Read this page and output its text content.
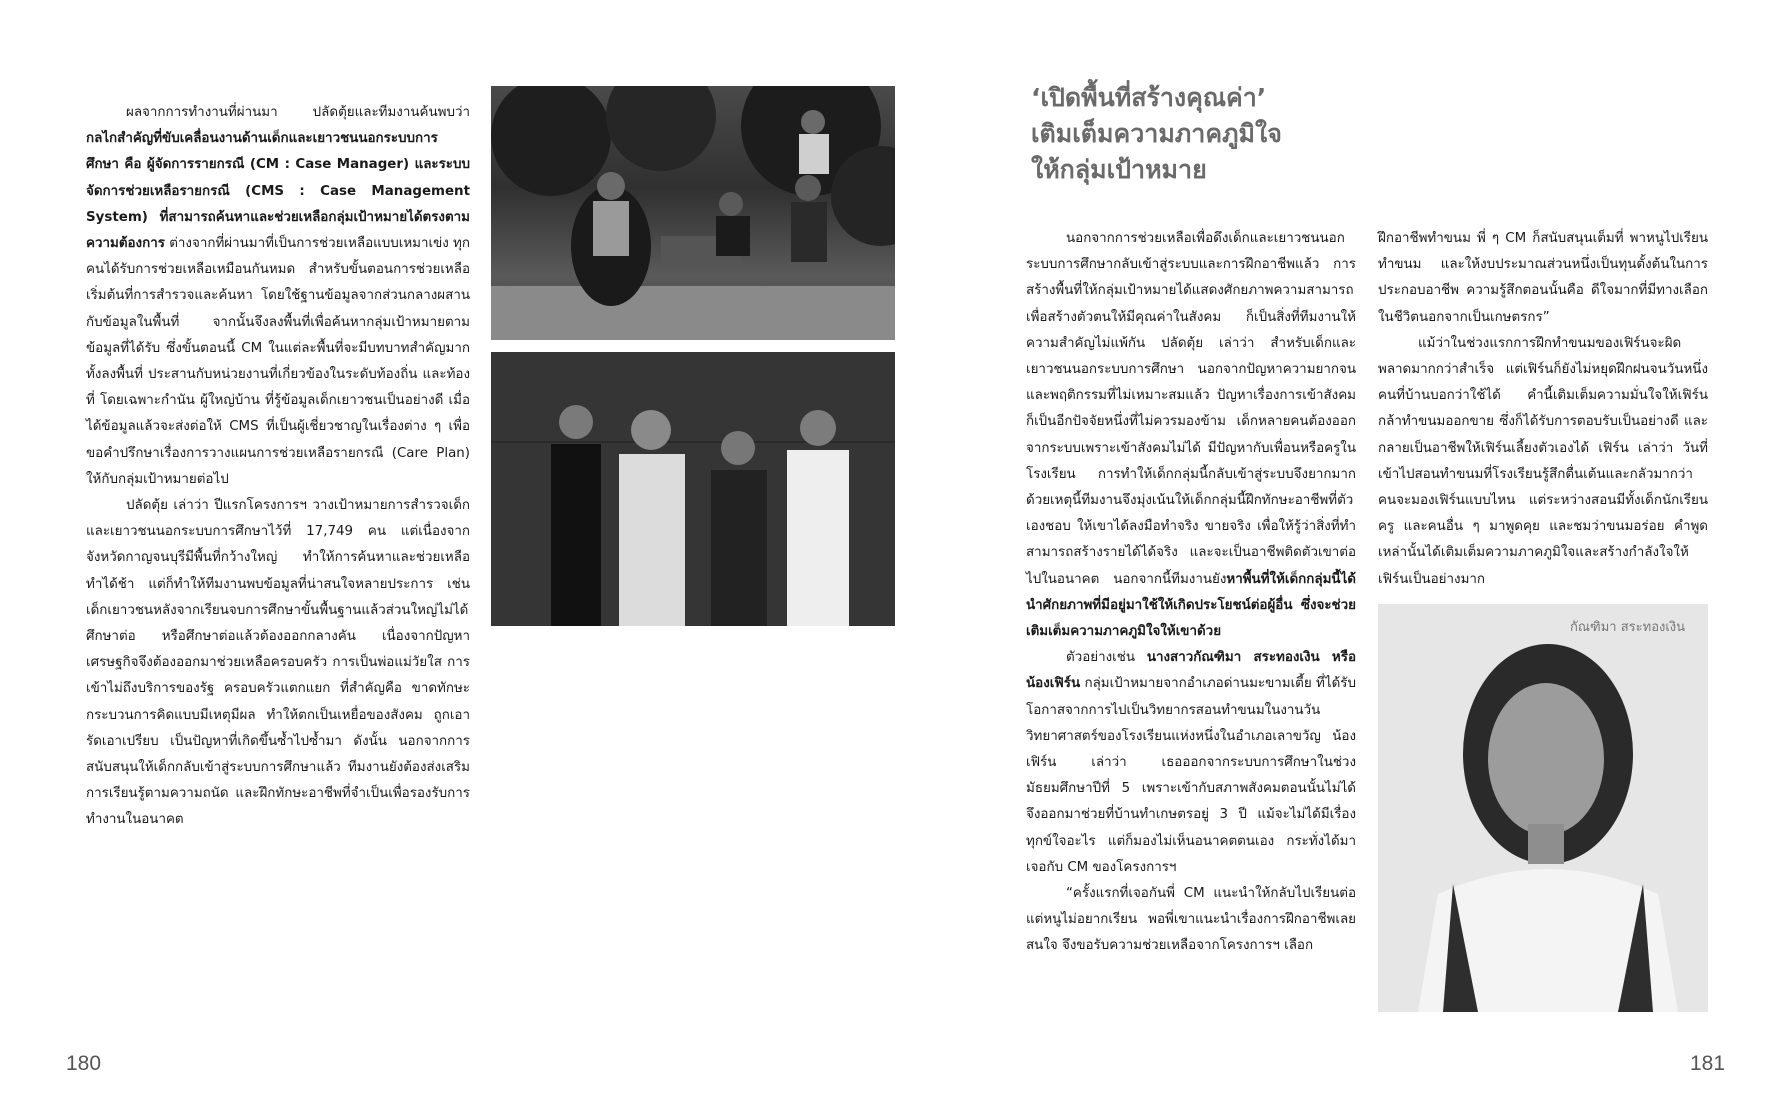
ผลจากการทำงานที่ผ่านมา ปลัดตุ้ยและทีมงานค้นพบว่ากลไกสำคัญที่ขับเคลื่อนงานด้านเด็กและเยาวชนนอกระบบการศึกษา คือ ผู้จัดการรายกรณี (CM : Case Manager) และระบบจัดการช่วยเหลือรายกรณี (CMS : Case Management System) ที่สามารถค้นหาและช่วยเหลือกลุ่มเป้าหมายได้ตรงตามความต้องการ ต่างจากที่ผ่านมาที่เป็นการช่วยเหลือแบบเหมาเข่ง ทุกคนได้รับการช่วยเหลือเหมือนกันหมด สำหรับขั้นตอนการช่วยเหลือเริ่มต้นที่การสำรวจและค้นหา โดยใช้ฐานข้อมูลจากส่วนกลางผสานกับข้อมูลในพื้นที่ จากนั้นจึงลงพื้นที่เพื่อค้นหากลุ่มเป้าหมายตามข้อมูลที่ได้รับ ซึ่งขั้นตอนนี้ CM ในแต่ละพื้นที่จะมีบทบาทสำคัญมาก ทั้งลงพื้นที่ ประสานกับหน่วยงานที่เกี่ยวข้องในระดับท้องถิ่น และท้องที่ โดยเฉพาะกำนัน ผู้ใหญ่บ้าน ที่รู้ข้อมูลเด็กเยาวชนเป็นอย่างดี เมื่อได้ข้อมูลแล้วจะส่งต่อให้ CMS ที่เป็นผู้เชี่ยวชาญในเรื่องต่าง ๆ เพื่อขอคำปรึกษาเรื่องการวางแผนการช่วยเหลือรายกรณี (Care Plan) ให้กับกลุ่มเป้าหมายต่อไป

ปลัดตุ้ย เล่าว่า ปีแรกโครงการฯ วางเป้าหมายการสำรวจเด็กและเยาวชนนอกระบบการศึกษาไว้ที่ 17,749 คน แต่เนื่องจากจังหวัดกาญจนบุรีมีพื้นที่กว้างใหญ่ ทำให้การค้นหาและช่วยเหลือทำได้ช้า แต่ก็ทำให้ทีมงานพบข้อมูลที่น่าสนใจหลายประการ เช่น เด็กเยาวชนหลังจากเรียนจบการศึกษาขั้นพื้นฐานแล้วส่วนใหญ่ไม่ได้ศึกษาต่อ หรือศึกษาต่อแล้วต้องออกกลางคัน เนื่องจากปัญหาเศรษฐกิจจึงต้องออกมาช่วยเหลือครอบครัว การเป็นพ่อแม่วัยใส การเข้าไม่ถึงบริการของรัฐ ครอบครัวแตกแยก ที่สำคัญคือ ขาดทักษะกระบวนการคิดแบบมีเหตุมีผล ทำให้ตกเป็นเหยื่อของสังคม ถูกเอารัดเอาเปรียบ เป็นปัญหาที่เกิดขึ้นซ้ำไปซ้ำมา ดังนั้น นอกจากการสนับสนุนให้เด็กกลับเข้าสู่ระบบการศึกษาแล้ว ทีมงานยังต้องส่งเสริมการเรียนรู้ตามความถนัด และฝึกทักษะอาชีพที่จำเป็นเพื่อรองรับการทำงานในอนาคต

180
‘เปิดพื้นที่สร้างคุณค่า’
เติมเต็มความภาคภูมิใจ
ให้กลุ่มเป้าหมาย

นอกจากการช่วยเหลือเพื่อดึงเด็กและเยาวชนนอกระบบการศึกษากลับเข้าสู่ระบบและการฝึกอาชีพแล้ว การสร้างพื้นที่ให้กลุ่มเป้าหมายได้แสดงศักยภาพความสามารถเพื่อสร้างตัวตนให้มีคุณค่าในสังคม ก็เป็นสิ่งที่ทีมงานให้ความสำคัญไม่แพ้กัน ปลัดตุ้ย เล่าว่า สำหรับเด็กและเยาวชนนอกระบบการศึกษา นอกจากปัญหาความยากจนและพฤติกรรมที่ไม่เหมาะสมแล้ว ปัญหาเรื่องการเข้าสังคมก็เป็นอีกปัจจัยหนึ่งที่ไม่ควรมองข้าม เด็กหลายคนต้องออกจากระบบเพราะเข้าสังคมไม่ได้ มีปัญหากับเพื่อนหรือครูในโรงเรียน การทำให้เด็กกลุ่มนี้กลับเข้าสู่ระบบจึงยากมาก ด้วยเหตุนี้ทีมงานจึงมุ่งเน้นให้เด็กกลุ่มนี้ฝึกทักษะอาชีพที่ตัวเองชอบ ให้เขาได้ลงมือทำจริง ขายจริง เพื่อให้รู้ว่าสิ่งที่ทำ สามารถสร้างรายได้ได้จริง และจะเป็นอาชีพติดตัวเขาต่อไปในอนาคต นอกจากนี้ทีมงานยังหาพื้นที่ให้เด็กกลุ่มนี้ได้นำศักยภาพที่มีอยู่มาใช้ให้เกิดประโยชน์ต่อผู้อื่น ซึ่งจะช่วยเติมเต็มความภาคภูมิใจให้เขาด้วย

ตัวอย่างเช่น นางสาวกัณฑิมา สระทองเงิน หรือน้องเฟิร์น กลุ่มเป้าหมายจากอำเภอด่านมะขามเตี้ย ที่ได้รับโอกาสจากการไปเป็นวิทยากรสอนทำขนมในงานวันวิทยาศาสตร์ของโรงเรียนแห่งหนึ่งในอำเภอเลาขวัญ น้องเฟิร์น เล่าว่า เธอออกจากระบบการศึกษาในช่วงมัธยมศึกษาปีที่ 5 เพราะเข้ากับสภาพสังคมตอนนั้นไม่ได้ จึงออกมาช่วยที่บ้านทำเกษตรอยู่ 3 ปี แม้จะไม่ได้มีเรื่องทุกข์ใจอะไร แต่ก็มองไม่เห็นอนาคตตนเอง กระทั่งได้มาเจอกับ CM ของโครงการฯ

“ครั้งแรกที่เจอกันพี่ CM แนะนำให้กลับไปเรียนต่อ แต่หนูไม่อยากเรียน พอพี่เขาแนะนำเรื่องการฝึกอาชีพเลยสนใจ จึงขอรับความช่วยเหลือจากโครงการฯ เลือก

ฝึกอาชีพทำขนม พี่ ๆ CM ก็สนับสนุนเต็มที่ พาหนูไปเรียนทำขนม และให้งบประมาณส่วนหนึ่งเป็นทุนตั้งต้นในการประกอบอาชีพ ความรู้สึกตอนนั้นคือ ดีใจมากที่มีทางเลือกในชีวิตนอกจากเป็นเกษตรกร”

แม้ว่าในช่วงแรกการฝึกทำขนมของเฟิร์นจะผิดพลาดมากกว่าสำเร็จ แต่เฟิร์นก็ยังไม่หยุดฝึกฝนจนวันหนึ่งคนที่บ้านบอกว่าใช้ได้ คำนี้เติมเต็มความมั่นใจให้เฟิร์นกล้าทำขนมออกขาย ซึ่งก็ได้รับการตอบรับเป็นอย่างดี และกลายเป็นอาชีพให้เฟิร์นเลี้ยงตัวเองได้ เฟิร์น เล่าว่า วันที่เข้าไปสอนทำขนมที่โรงเรียนรู้สึกตื่นเต้นและกลัวมากว่าคนจะมองเฟิร์นแบบไหน แต่ระหว่างสอนมีทั้งเด็กนักเรียน ครู และคนอื่น ๆ มาพูดคุย และชมว่าขนมอร่อย คำพูดเหล่านั้นได้เติมเต็มความภาคภูมิใจและสร้างกำลังใจให้เฟิร์นเป็นอย่างมาก

กัณฑิมา สระทองเงิน
181
